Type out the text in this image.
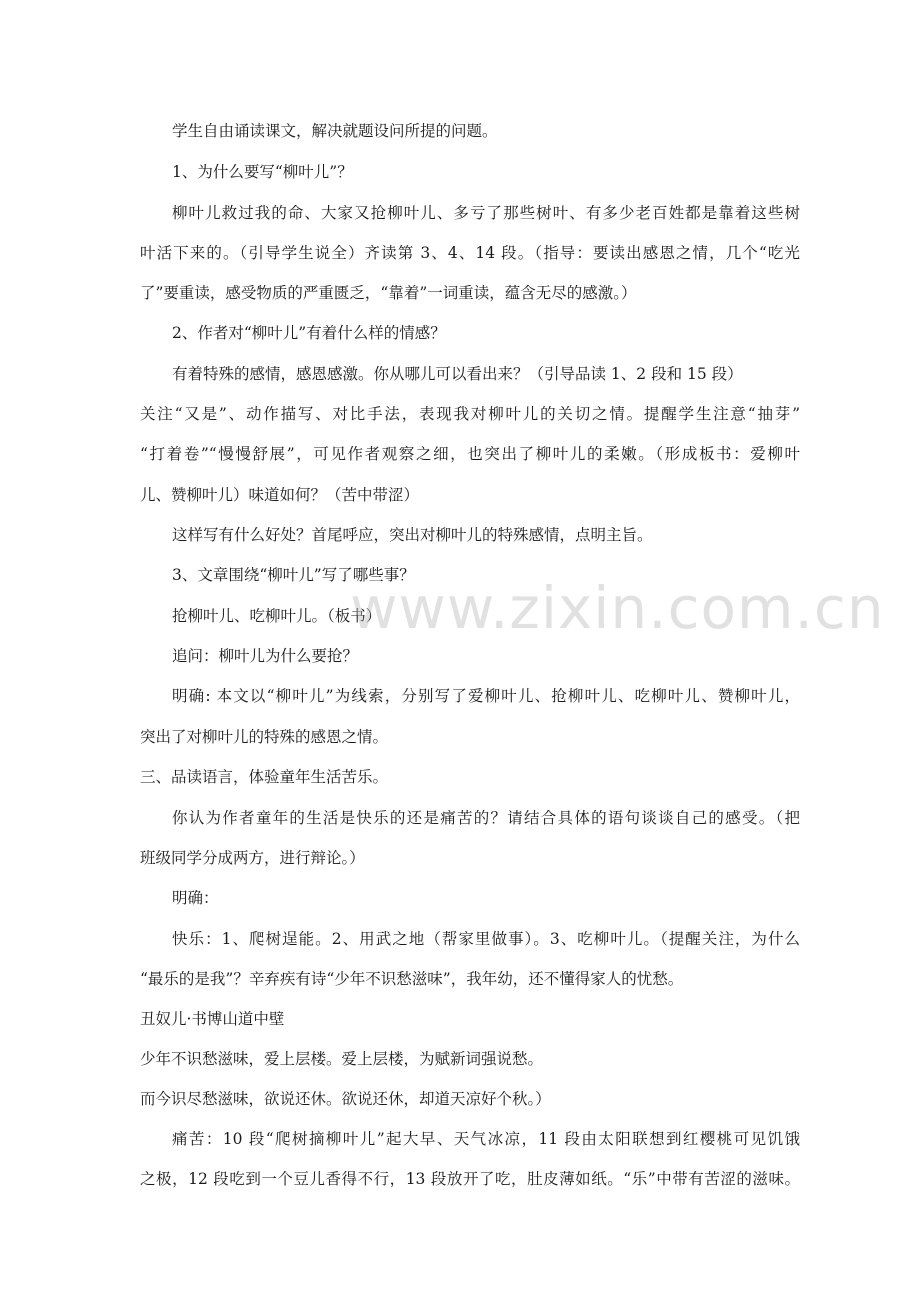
学生自由诵读课文，解决就题设问所提的问题。
1、为什么要写“柳叶儿”？
柳叶儿救过我的命、大家又抢柳叶儿、多亏了那些树叶、有多少老百姓都是靠着这些树
叶活下来的。（引导学生说全）齐读第 3、4、14 段。（指导：要读出感恩之情，几个“吃光
了”要重读，感受物质的严重匮乏，“靠着”一词重读，蕴含无尽的感激。）
2、作者对“柳叶儿”有着什么样的情感？
有着特殊的感情，感恩感激。你从哪儿可以看出来？（引导品读 1、2 段和 15 段）
关注“又是”、动作描写、对比手法，表现我对柳叶儿的关切之情。提醒学生注意“抽芽”
“打着卷”“慢慢舒展”，可见作者观察之细，也突出了柳叶儿的柔嫩。（形成板书：爱柳叶
儿、赞柳叶儿）味道如何？（苦中带涩）
这样写有什么好处？首尾呼应，突出对柳叶儿的特殊感情，点明主旨。
3、文章围绕“柳叶儿”写了哪些事？
抢柳叶儿、吃柳叶儿。（板书）
追问：柳叶儿为什么要抢？
明确: 本文以“柳叶儿”为线索，分别写了爱柳叶儿、抢柳叶儿、吃柳叶儿、赞柳叶儿，
突出了对柳叶儿的特殊的感恩之情。
三、品读语言，体验童年生活苦乐。
你认为作者童年的生活是快乐的还是痛苦的？请结合具体的语句谈谈自己的感受。（把
班级同学分成两方，进行辩论。）
明确：
快乐：1、爬树逞能。2、用武之地（帮家里做事）。3、吃柳叶儿。（提醒关注，为什么
“最乐的是我”？辛弃疾有诗“少年不识愁滋味”，我年幼，还不懂得家人的忧愁。
丑奴儿·书博山道中壁
少年不识愁滋味，爱上层楼。爱上层楼，为赋新词强说愁。
而今识尽愁滋味，欲说还休。欲说还休，却道天凉好个秋。）
痛苦：10 段“爬树摘柳叶儿”起大早、天气冰凉，11 段由太阳联想到红樱桃可见饥饿
之极，12 段吃到一个豆儿香得不行，13 段放开了吃，肚皮薄如纸。“乐”中带有苦涩的滋味。
www.zixin.com.cn
